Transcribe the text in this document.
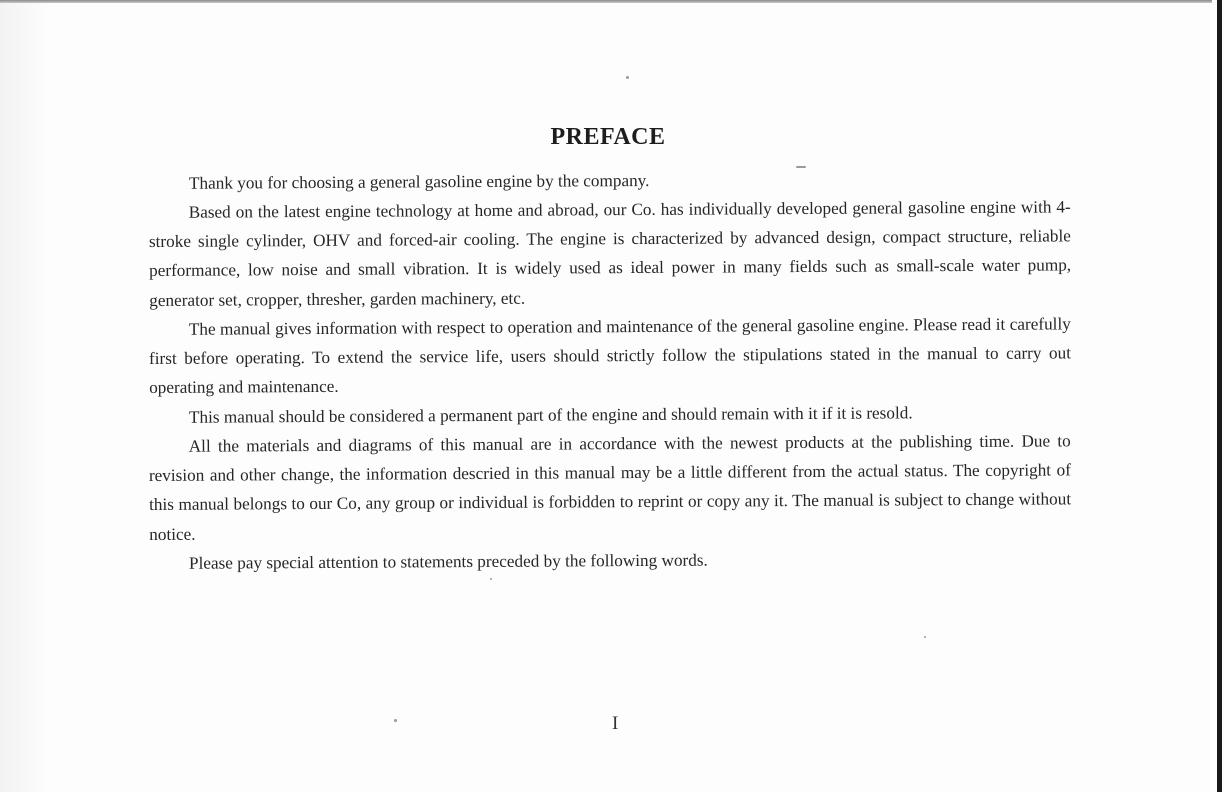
PREFACE

Thank you for choosing a general gasoline engine by the company.

Based on the latest engine technology at home and abroad, our Co. has individually developed general gasoline engine with 4-stroke single cylinder, OHV and forced-air cooling. The engine is characterized by advanced design, compact structure, reliable performance, low noise and small vibration. It is widely used as ideal power in many fields such as small-scale water pump, generator set, cropper, thresher, garden machinery, etc.

The manual gives information with respect to operation and maintenance of the general gasoline engine. Please read it carefully first before operating. To extend the service life, users should strictly follow the stipulations stated in the manual to carry out operating and maintenance.

This manual should be considered a permanent part of the engine and should remain with it if it is resold.

All the materials and diagrams of this manual are in accordance with the newest products at the publishing time. Due to revision and other change, the information descried in this manual may be a little different from the actual status. The copyright of this manual belongs to our Co, any group or individual is forbidden to reprint or copy any it. The manual is subject to change without notice.

Please pay special attention to statements preceded by the following words.

I
